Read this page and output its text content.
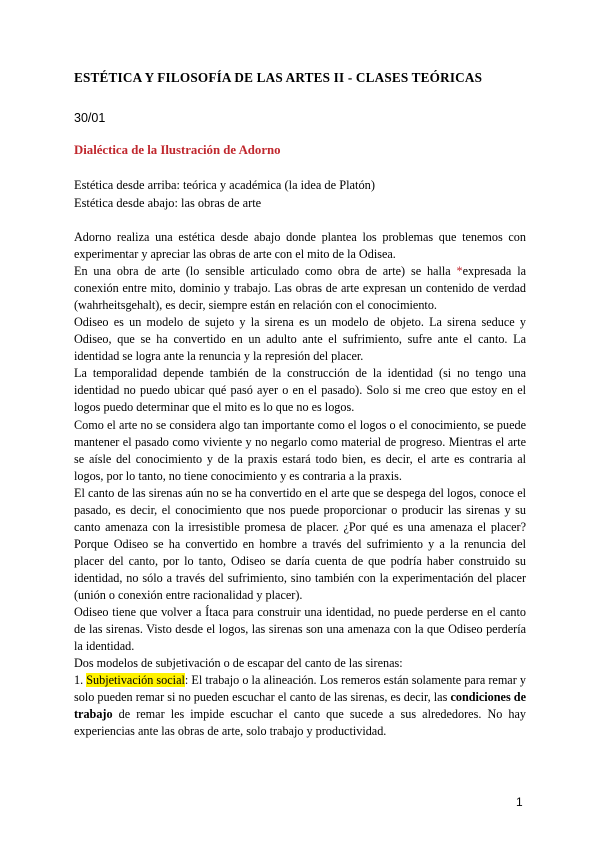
ESTÉTICA Y FILOSOFÍA DE LAS ARTES II - CLASES TEÓRICAS
30/01
Dialéctica de la Ilustración de Adorno

Estética desde arriba: teórica y académica (la idea de Platón)

Estética desde abajo: las obras de arte

Adorno realiza una estética desde abajo donde plantea los problemas que tenemos con experimentar y apreciar las obras de arte con el mito de la Odisea.

En una obra de arte (lo sensible articulado como obra de arte) se halla *expresada la conexión entre mito, dominio y trabajo. Las obras de arte expresan un contenido de verdad (wahrheitsgehalt), es decir, siempre están en relación con el conocimiento.

Odiseo es un modelo de sujeto y la sirena es un modelo de objeto. La sirena seduce y Odiseo, que se ha convertido en un adulto ante el sufrimiento, sufre ante el canto. La identidad se logra ante la renuncia y la represión del placer.

La temporalidad depende también de la construcción de la identidad (si no tengo una identidad no puedo ubicar qué pasó ayer o en el pasado). Solo si me creo que estoy en el logos puedo determinar que el mito es lo que no es logos.

Como el arte no se considera algo tan importante como el logos o el conocimiento, se puede mantener el pasado como viviente y no negarlo como material de progreso. Mientras el arte se aísle del conocimiento y de la praxis estará todo bien, es decir, el arte es contraria al logos, por lo tanto, no tiene conocimiento y es contraria a la praxis.

El canto de las sirenas aún no se ha convertido en el arte que se despega del logos, conoce el pasado, es decir, el conocimiento que nos puede proporcionar o producir las sirenas y su canto amenaza con la irresistible promesa de placer. ¿Por qué es una amenaza el placer? Porque Odiseo se ha convertido en hombre a través del sufrimiento y a la renuncia del placer del canto, por lo tanto, Odiseo se daría cuenta de que podría haber construido su identidad, no sólo a través del sufrimiento, sino también con la experimentación del placer (unión o conexión entre racionalidad y placer).

Odiseo tiene que volver a Ítaca para construir una identidad, no puede perderse en el canto de las sirenas. Visto desde el logos, las sirenas son una amenaza con la que Odiseo perdería la identidad.

Dos modelos de subjetivación o de escapar del canto de las sirenas:

1. Subjetivación social: El trabajo o la alineación. Los remeros están solamente para remar y solo pueden remar si no pueden escuchar el canto de las sirenas, es decir, las condiciones de trabajo de remar les impide escuchar el canto que sucede a sus alrededores. No hay experiencias ante las obras de arte, solo trabajo y productividad.

1
